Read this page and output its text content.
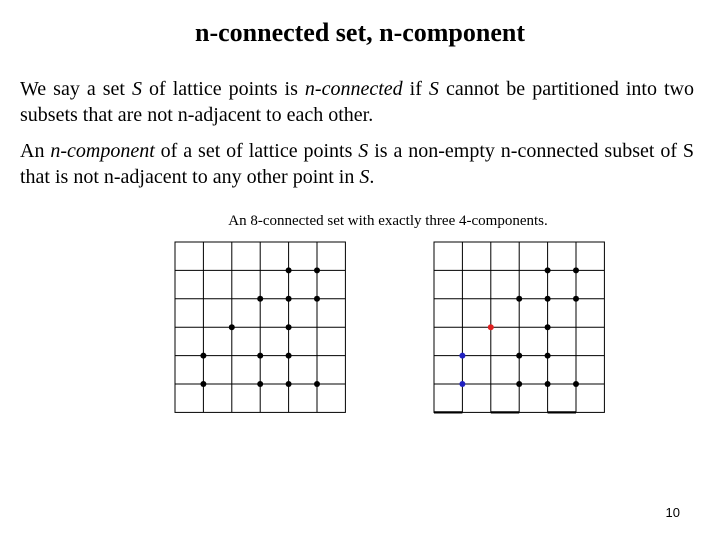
n-connected set, n-component
We say a set S of lattice points is n-connected if S cannot be partitioned into two subsets that are not n-adjacent to each other.
An n-component of a set of lattice points S is a non-empty n-connected subset of S that is not n-adjacent to any other point in S.
An 8-connected set with exactly three 4-components.
10
